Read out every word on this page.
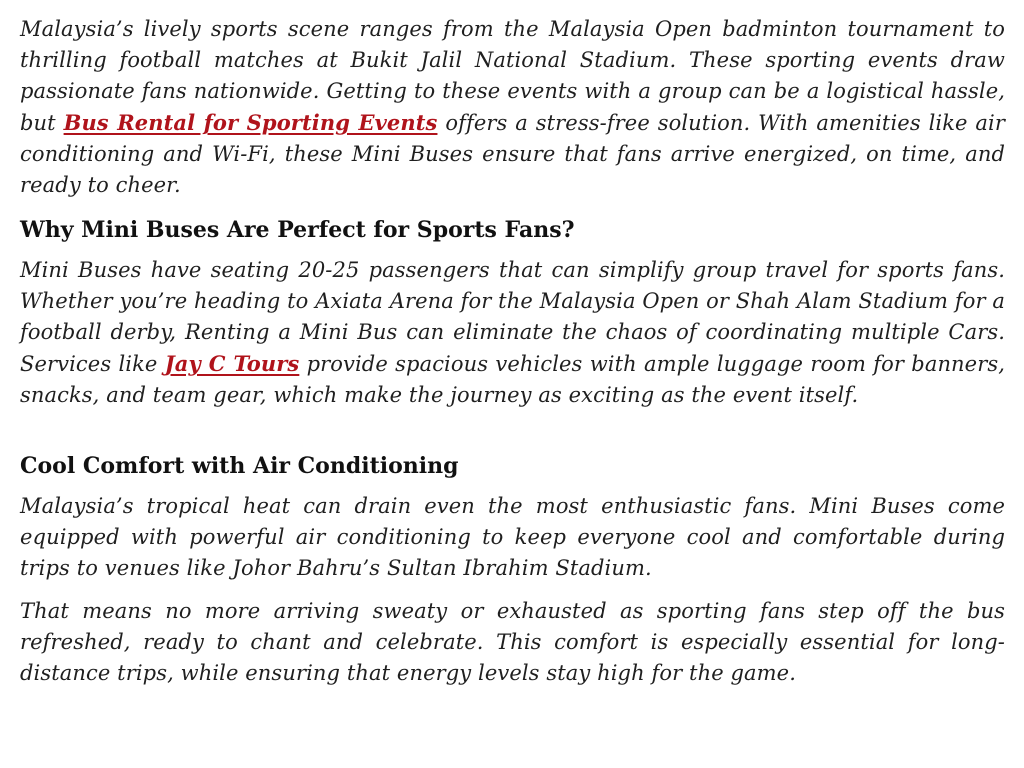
Malaysia’s lively sports scene ranges from the Malaysia Open badminton tournament to thrilling football matches at Bukit Jalil National Stadium. These sporting events draw passionate fans nationwide. Getting to these events with a group can be a logistical hassle, but Bus Rental for Sporting Events offers a stress-free solution. With amenities like air conditioning and Wi-Fi, these Mini Buses ensure that fans arrive energized, on time, and ready to cheer.

Why Mini Buses Are Perfect for Sports Fans?

Mini Buses have seating 20-25 passengers that can simplify group travel for sports fans. Whether you’re heading to Axiata Arena for the Malaysia Open or Shah Alam Stadium for a football derby, Renting a Mini Bus can eliminate the chaos of coordinating multiple Cars. Services like Jay C Tours provide spacious vehicles with ample luggage room for banners, snacks, and team gear, which make the journey as exciting as the event itself.

Cool Comfort with Air Conditioning

Malaysia’s tropical heat can drain even the most enthusiastic fans. Mini Buses come equipped with powerful air conditioning to keep everyone cool and comfortable during trips to venues like Johor Bahru’s Sultan Ibrahim Stadium.

That means no more arriving sweaty or exhausted as sporting fans step off the bus refreshed, ready to chant and celebrate. This comfort is especially essential for long-distance trips, while ensuring that energy levels stay high for the game.
